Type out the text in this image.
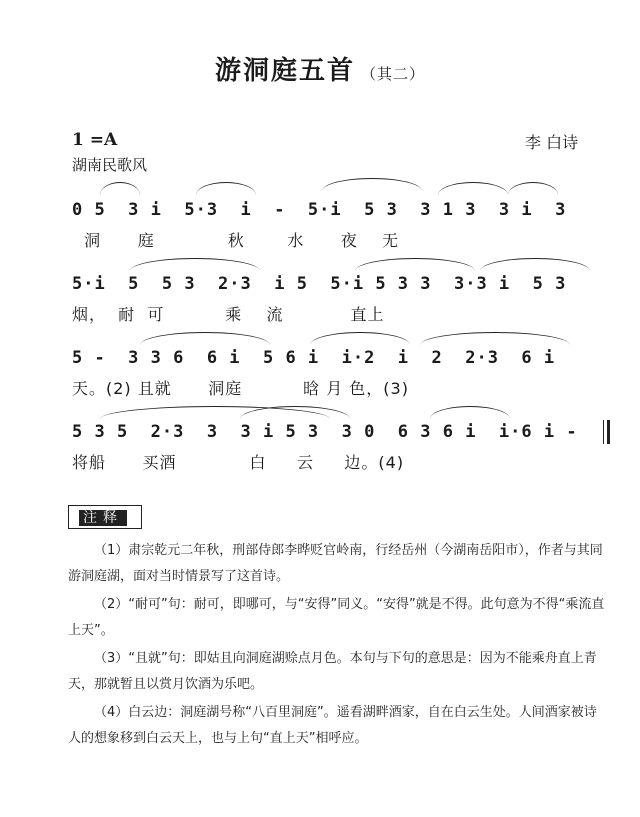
游洞庭五首 （其二）
1 =A	李 白诗
湖南民歌风
0 5  3 i  5·3  i  -  5·i  5 3  3 1 3  3 i  3
洞      庭            秋       水      夜    无
5·i  5  5 3  2·3  i 5  5·i 5 3 3  3·3 i  5 3
烟，  耐  可          乘    流           直上
5 -  3 3 6  6 i  5 6 i  i·2  i  2  2·3  6 i
天。(2) 且就      洞庭          晗 月 色，(3)
5 3 5  2·3  3  3 i 5 3  3 0  6 3 6 i  i·6 i -
将船      买酒            白     云     边。(4)
注释
（1）肃宗乾元二年秋，刑部侍郎李晔贬官岭南，行经岳州（今湖南岳阳市），作者与其同游洞庭湖，面对当时情景写了这首诗。
（2）“耐可”句：耐可，即哪可，与“安得”同义。“安得”就是不得。此句意为不得“乘流直上天”。
（3）“且就”句：即姑且向洞庭湖赊点月色。本句与下句的意思是：因为不能乘舟直上青天，那就暂且以赏月饮酒为乐吧。
（4）白云边：洞庭湖号称“八百里洞庭”。遥看湖畔酒家，自在白云生处。人间酒家被诗人的想象移到白云天上，也与上句“直上天”相呼应。
